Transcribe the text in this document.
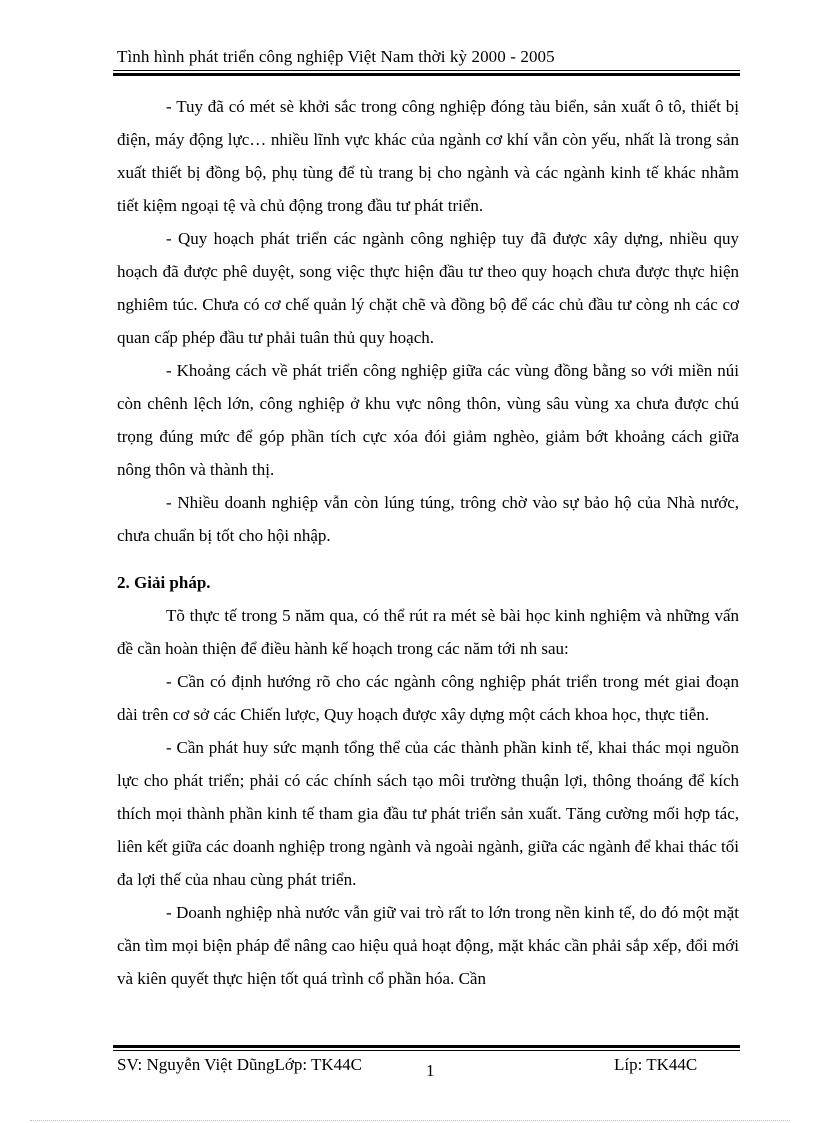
Tình hình phát triển công nghiệp Việt Nam thời kỳ 2000 - 2005

- Tuy đã có mét sè khởi sắc trong công nghiệp đóng tàu biển, sản xuất ô tô, thiết bị điện, máy động lực… nhiều lĩnh vực khác của ngành cơ khí vẫn còn yếu, nhất là trong sản xuất thiết bị đồng bộ, phụ tùng để tù trang bị cho ngành và các ngành kinh tế khác nhằm tiết kiệm ngoại tệ và chủ động trong đầu tư phát triển.

- Quy hoạch phát triển các ngành công nghiệp tuy đã được xây dựng, nhiều quy hoạch đã được phê duyệt, song việc thực hiện đầu tư theo quy hoạch chưa được thực hiện nghiêm túc. Chưa có cơ chế quản lý chặt chẽ và đồng bộ để các chủ đầu tư còng nh các cơ quan cấp phép đầu tư phải tuân thủ quy hoạch.

- Khoảng cách về phát triển công nghiệp giữa các vùng đồng bằng so với miền núi còn chênh lệch lớn, công nghiệp ở khu vực nông thôn, vùng sâu vùng xa chưa được chú trọng đúng mức để góp phần tích cực xóa đói giảm nghèo, giảm bớt khoảng cách giữa nông thôn và thành thị.

- Nhiều doanh nghiệp vẫn còn lúng túng, trông chờ vào sự bảo hộ của Nhà nước, chưa chuẩn bị tốt cho hội nhập.

2. Giải pháp.

Tõ thực tế trong 5 năm qua, có thể rút ra mét sè bài học kinh nghiệm và những vấn đề cần hoàn thiện để điều hành kế hoạch trong các năm tới nh sau:

- Cần có định hướng rõ cho các ngành công nghiệp phát triển trong mét giai đoạn dài trên cơ sở các Chiến lược, Quy hoạch được xây dựng một cách khoa học, thực tiễn.

- Cần phát huy sức mạnh tổng thể của các thành phần kinh tế, khai thác mọi nguồn lực cho phát triển; phải có các chính sách tạo môi trường thuận lợi, thông thoáng để kích thích mọi thành phần kinh tế tham gia đầu tư phát triển sản xuất. Tăng cường mối hợp tác, liên kết giữa các doanh nghiệp trong ngành và ngoài ngành, giữa các ngành để khai thác tối đa lợi thế của nhau cùng phát triển.

- Doanh nghiệp nhà nước vẫn giữ vai trò rất to lớn trong nền kinh tế, do đó một mặt cần tìm mọi biện pháp để nâng cao hiệu quả hoạt động, mặt khác cần phải sắp xếp, đổi mới và kiên quyết thực hiện tốt quá trình cổ phần hóa. Cần

SV: Nguyễn Việt DũngLớp: TK44C	1	Líp: TK44C
